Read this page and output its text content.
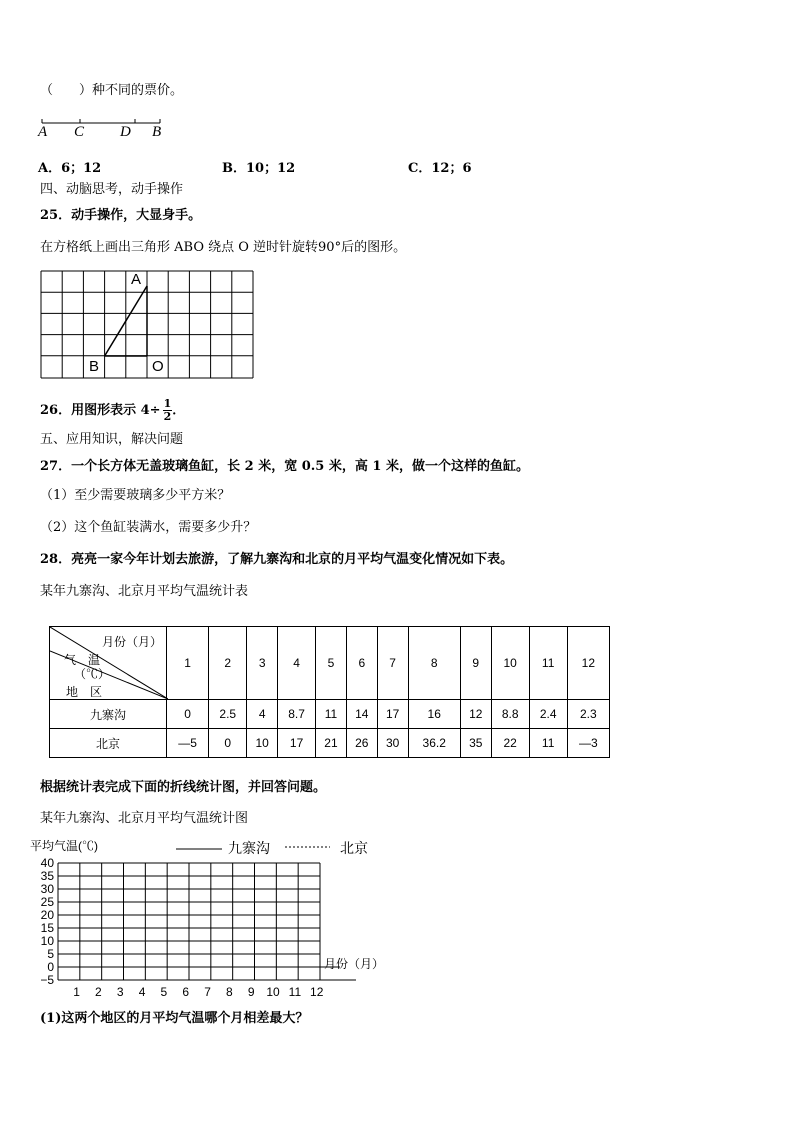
（　　）种不同的票价。
A C D B
A．6；12	B．10；12	C．12；6
四、动脑思考，动手操作
25．动手操作，大显身手。
在方格纸上画出三角形 ABO 绕点 O 逆时针旋转90°后的图形。
A
B	O
26．用图形表示 $4\div \frac{1}{2}$ ．
五、应用知识，解决问题
27．一个长方体无盖玻璃鱼缸，长 2 米，宽 0.5 米，高 1 米，做一个这样的鱼缸。
（1）至少需要玻璃多少平方米？
（2）这个鱼缸装满水，需要多少升？
28．亮亮一家今年计划去旅游，了解九寨沟和北京的月平均气温变化情况如下表。
某年九寨沟、北京月平均气温统计表
月份（月）
气　温
（℃）
地　区	1	2	3	4	5	6	7	8	9	10	11	12
九寨沟	0	2.5	4	8.7	11	14	17	16	12	8.8	2.4	2.3
北京	—5	0	10	17	21	26	30	36.2	35	22	11	—3
根据统计表完成下面的折线统计图，并回答问题。
某年九寨沟、北京月平均气温统计图
40
35
30
25
20
15
10
5
0
−5
1 2 3 4 5 6 7 8 9 10 11 12
平均气温(℃)
月份（月）
九寨沟	北京
(1)这两个地区的月平均气温哪个月相差最大？
